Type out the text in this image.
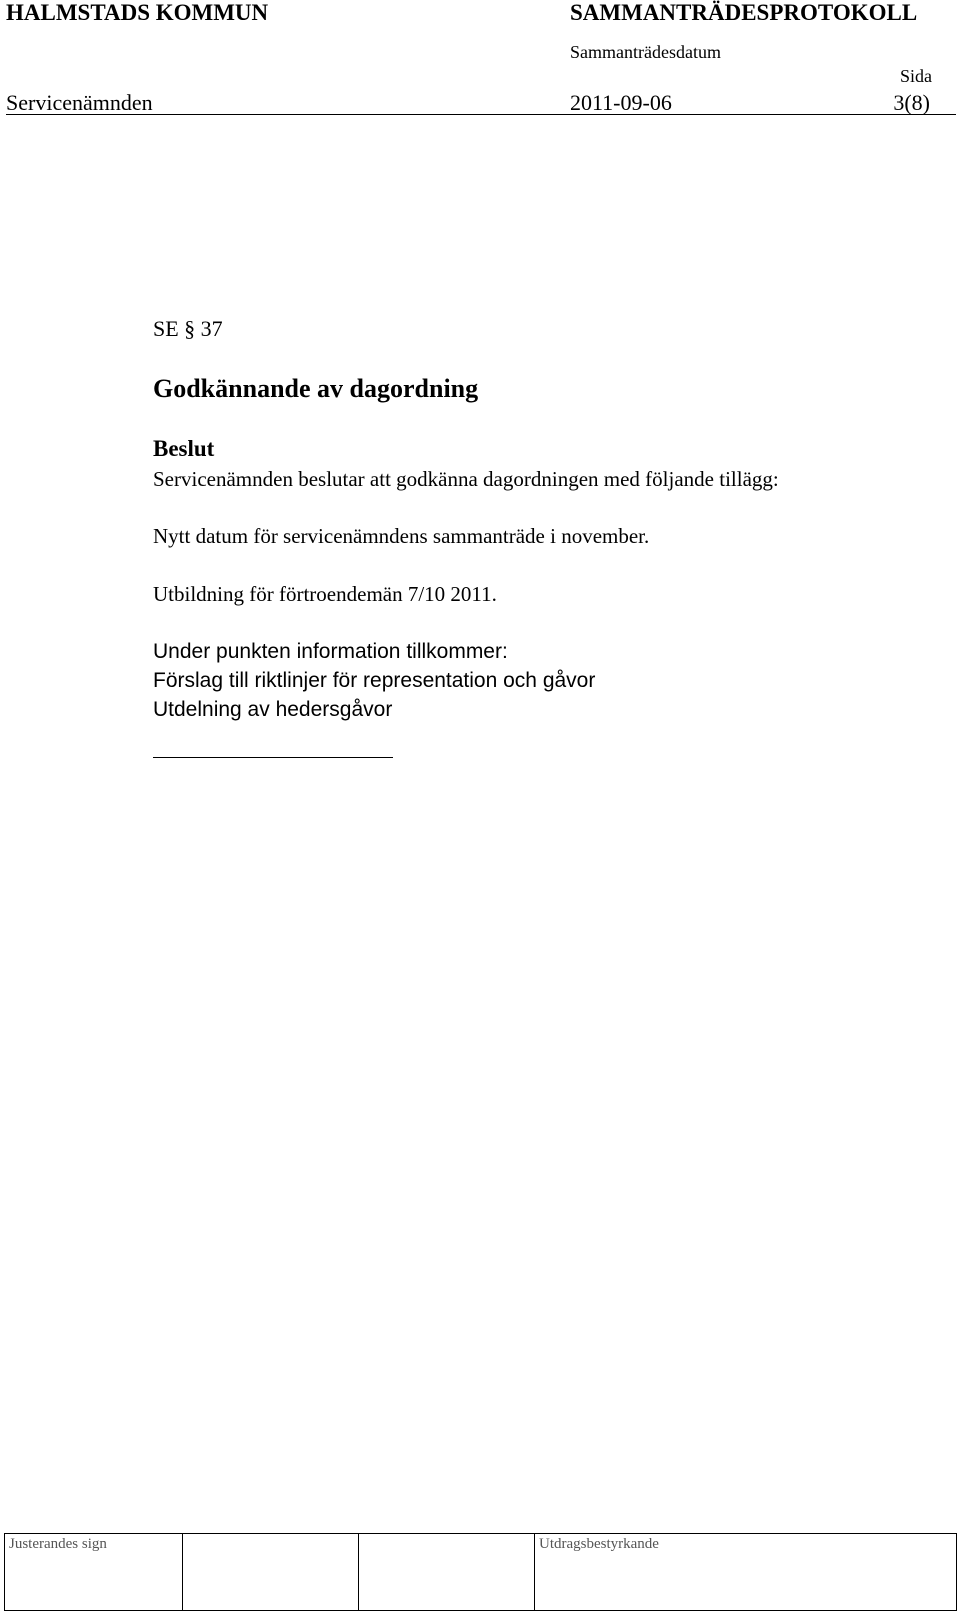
HALMSTADS KOMMUN	SAMMANTRÄDESPROTOKOLL
Sammanträdesdatum
Sida
Servicenämnden	2011-09-06	3(8)
SE § 37
Godkännande av dagordning
Beslut
Servicenämnden beslutar att godkänna dagordningen med följande tillägg:
Nytt datum för servicenämndens sammanträde i november.
Utbildning för förtroendemän 7/10 2011.
Under punkten information tillkommer:
Förslag till riktlinjer för representation och gåvor
Utdelning av hedersgåvor
Justerandes sign			Utdragsbestyrkande
